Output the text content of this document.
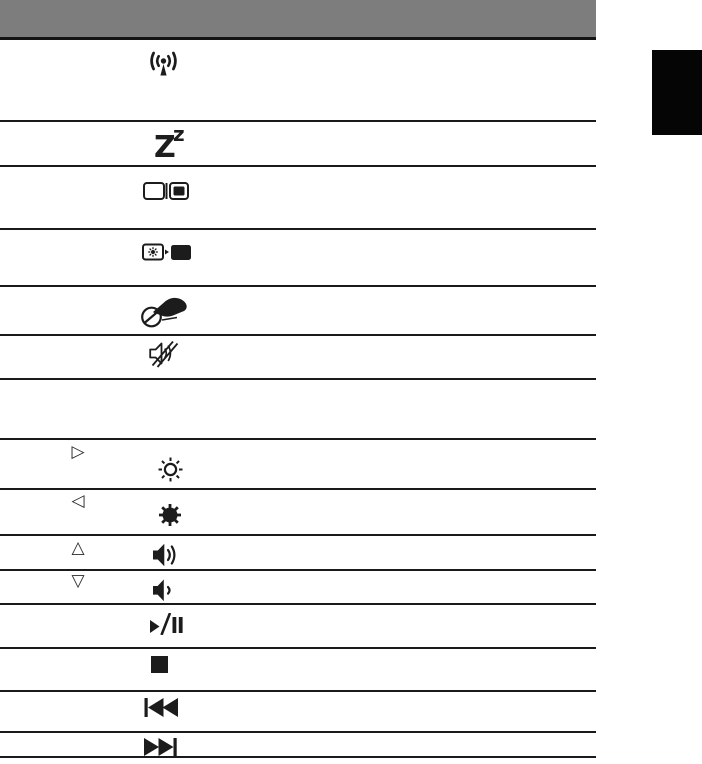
Z
z
▷
◁
△
▽
